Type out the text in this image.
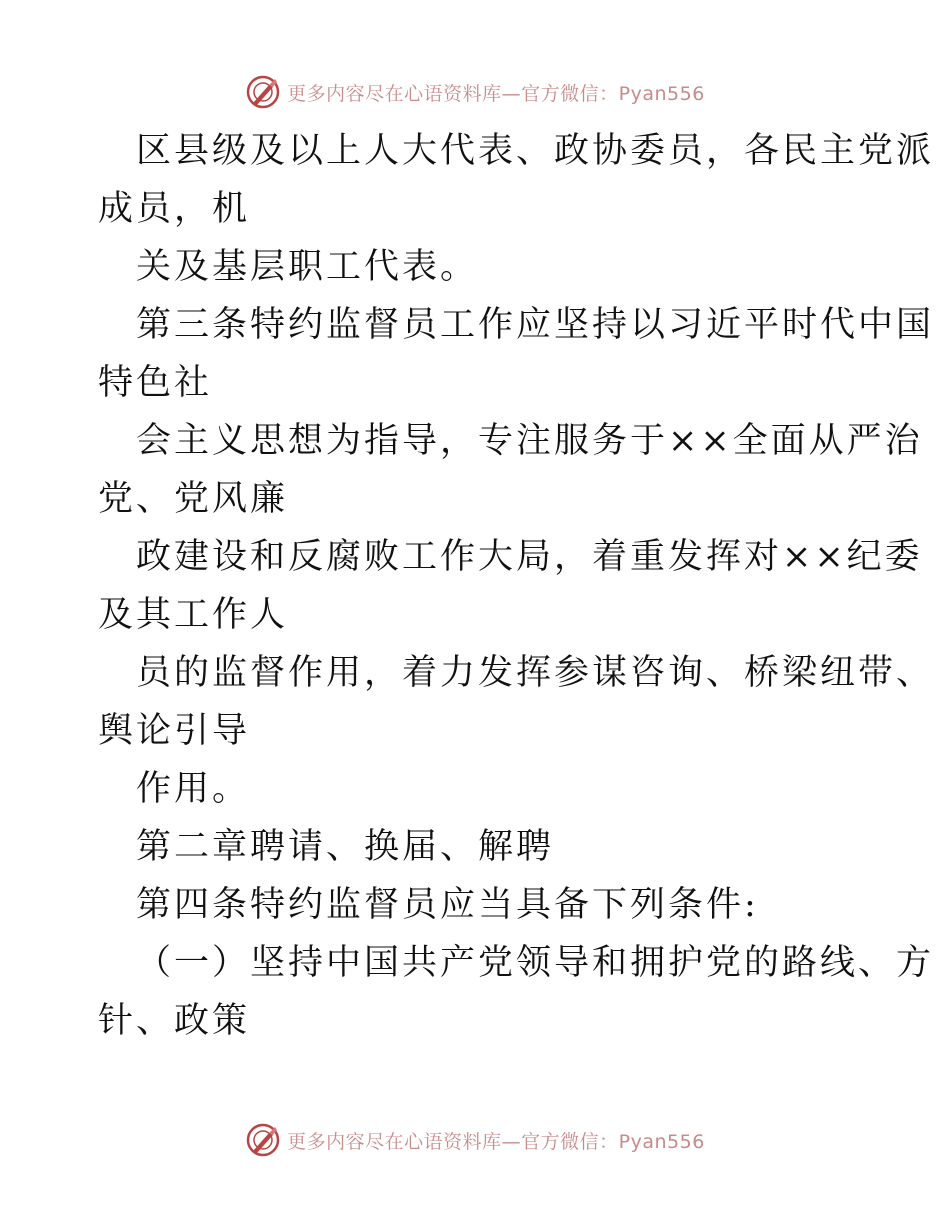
更多内容尽在心语资料库—官方微信：Pyan556
区县级及以上人大代表、政协委员，各民主党派
成员，机
关及基层职工代表。
第三条特约监督员工作应坚持以习近平时代中国
特色社
会主义思想为指导，专注服务于××全面从严治
党、党风廉
政建设和反腐败工作大局，着重发挥对××纪委
及其工作人
员的监督作用，着力发挥参谋咨询、桥梁纽带、
舆论引导
作用。
第二章聘请、换届、解聘
第四条特约监督员应当具备下列条件:
（一）坚持中国共产党领导和拥护党的路线、方
针、政策
更多内容尽在心语资料库—官方微信：Pyan556
